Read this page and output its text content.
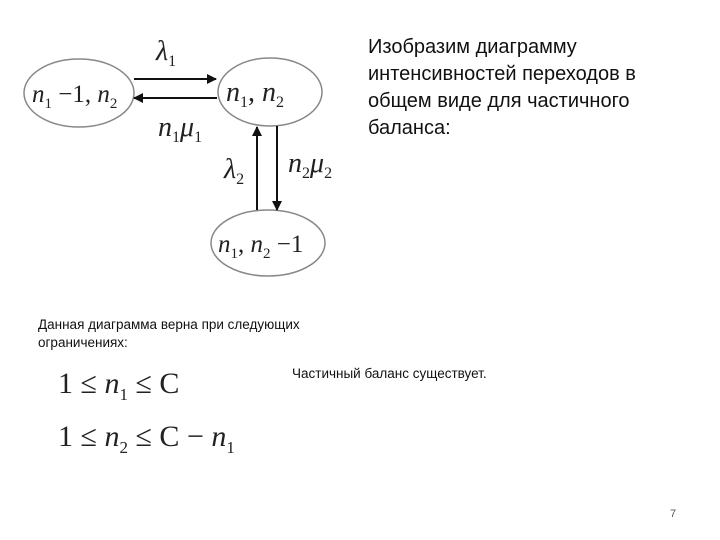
$n_1 -1$, $n_2$	$n_1$, $n_2$
$n_1$, $n_2 -1$
$\lambda_1$
$n_1\mu_1$
$\lambda_2$
$n_2\mu_2$
$1 \le n_1 \le C$
$1 \le n_2 \le C - n_1$
Изобразим диаграмму интенсивностей переходов в общем виде для частичного баланса:
Данная диаграмма верна при следующих ограничениях:
Частичный баланс существует.
7
